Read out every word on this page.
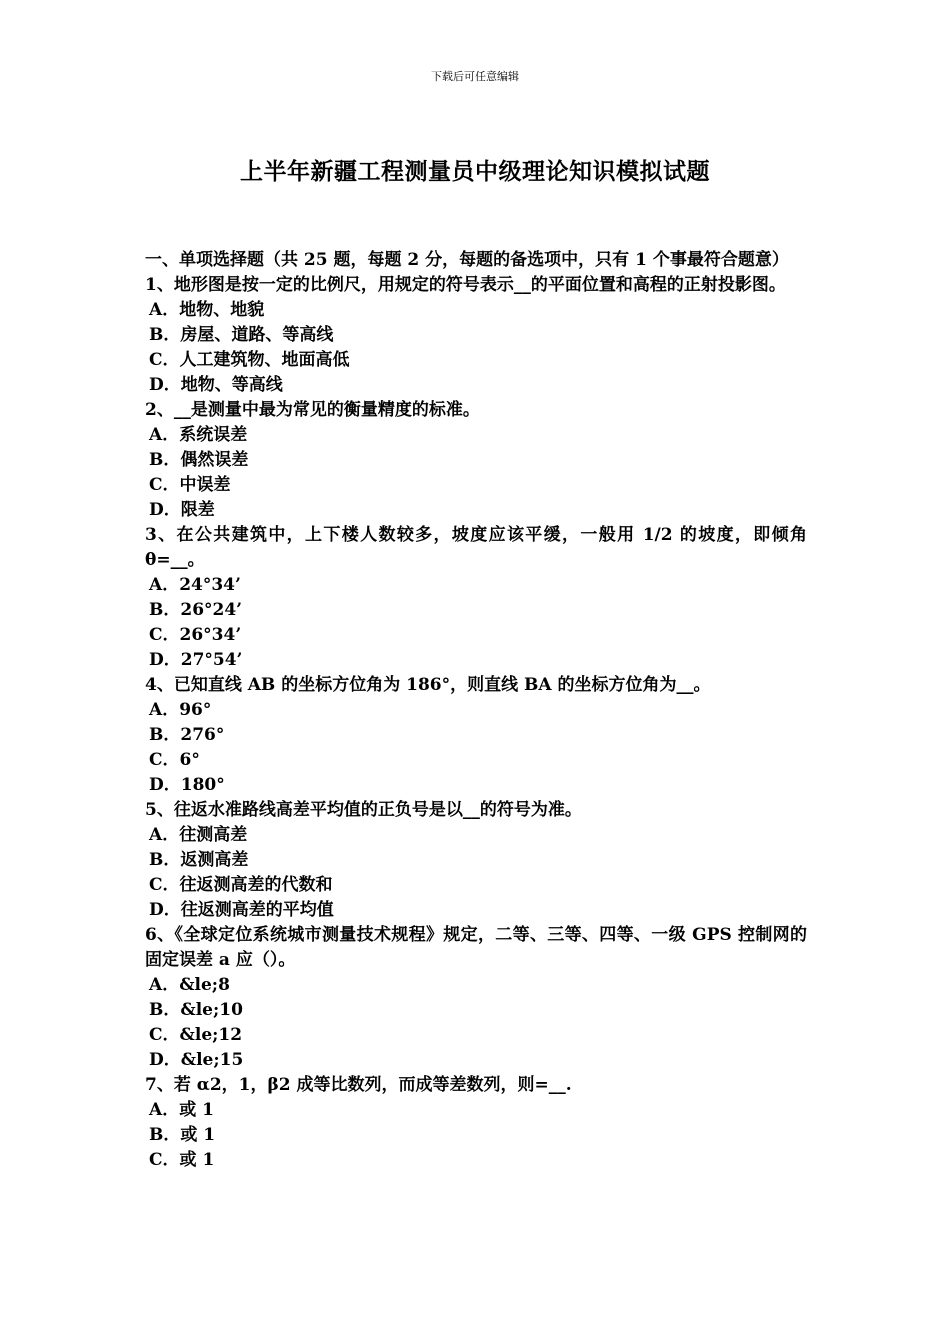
下载后可任意编辑
上半年新疆工程测量员中级理论知识模拟试题
一、单项选择题（共 25 题，每题 2 分，每题的备选项中，只有 1 个事最符合题意）
1、地形图是按一定的比例尺，用规定的符号表示__的平面位置和高程的正射投影图。
A．地物、地貌
B．房屋、道路、等高线
C．人工建筑物、地面高低
D．地物、等高线
2、__是测量中最为常见的衡量精度的标准。
A．系统误差
B．偶然误差
C．中误差
D．限差
3、在公共建筑中，上下楼人数较多，坡度应该平缓，一般用 1/2 的坡度，即倾角 θ=__。
A．24°34’
B．26°24’
C．26°34’
D．27°54’
4、已知直线 AB 的坐标方位角为 186°，则直线 BA 的坐标方位角为__。
A．96°
B．276°
C．6°
D．180°
5、往返水准路线高差平均值的正负号是以__的符号为准。
A．往测高差
B．返测高差
C．往返测高差的代数和
D．往返测高差的平均值
6、《全球定位系统城市测量技术规程》规定，二等、三等、四等、一级 GPS 控制网的固定误差 a 应（）。
A．&le;8
B．&le;10
C．&le;12
D．&le;15
7、若 α2，1，β2 成等比数列，而成等差数列，则=__.
A．或 1
B．或 1
C．或 1
